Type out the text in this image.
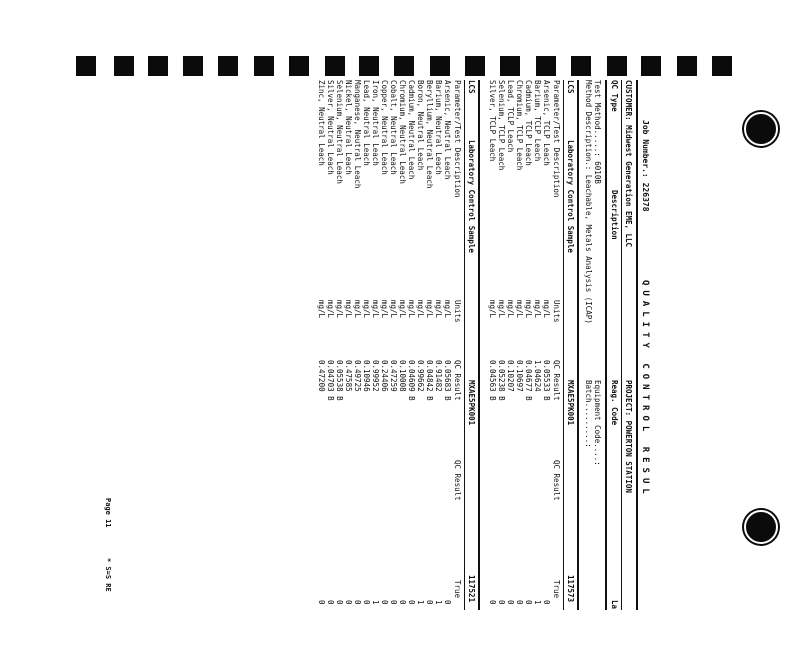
Job Number.: 226378
QUALITY CONTROL RESUL
CUSTOMER: Midwest Generation EME, LLC
PROJECT: POWERTON STATION
QC Type
Description
Reag. Code
La
Test Method.....: 6010B
Equipment Code....:
Method Description.: Leachable, Metals Analysis (ICAP)
Batch.........:
LCS
Laboratory Control Sample
MXAE5PK001
117573
Parameter/Test Description
Units
QC Result
QC Result
True
Arsenic, TCLP Leach
mg/L
0.05533 B
0
Barium, TCLP Leach
mg/L
1.04624
1
Cadmium, TCLP Leach
mg/L
0.04677 B
0
Chromium, TCLP Leach
mg/L
0.10697
0
Lead, TCLP Leach
mg/L
0.10207
0
Selenium, TCLP Leach
mg/L
0.05238 B
0
Silver, TCLP Leach
mg/L
0.04563 B
0
LCS
Laboratory Control Sample
MXAE5PK001
117521
Parameter/Test Description
Units
QC Result
QC Result
True
Arsenic, Neutral Leach
mg/L
0.05683 B
0
Barium, Neutral Leach
mg/L
0.91482
1
Beryllium, Neutral Leach
mg/L
0.04842 B
0
Boron, Neutral Leach
mg/L
0.99662
1
Cadmium, Neutral Leach
mg/L
0.04609 B
0
Chromium, Neutral Leach
mg/L
0.10008
0
Cobalt, Neutral Leach
mg/L
0.47259
0
Copper, Neutral Leach
mg/L
0.24406
0
Iron, Neutral Leach
mg/L
0.99952
1
Lead, Neutral Leach
mg/L
0.10946
0
Manganese, Neutral Leach
mg/L
0.49725
0
Nickel, Neutral Leach
mg/L
0.47585
0
Selenium, Neutral Leach
mg/L
0.05538 B
0
Silver, Neutral Leach
mg/L
0.04703 B
0
Zinc, Neutral Leach
mg/L
0.47200
0
Page 11
* S=S RE
